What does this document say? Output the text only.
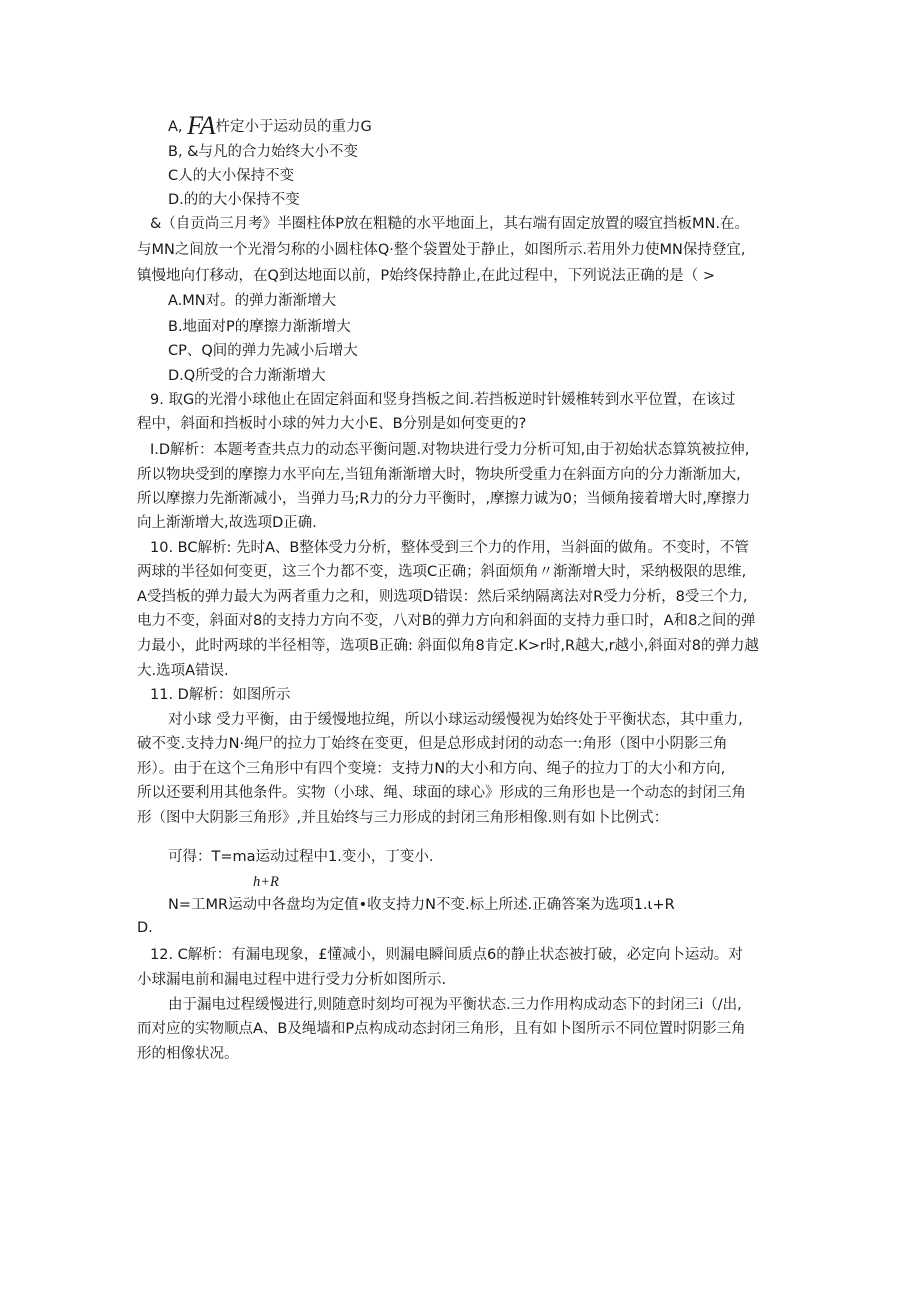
A, FA杵定小于运动员的重力G
B, &与凡的合力始终大小不变
C人的大小保持不变
D.的的大小保持不变
&（自贡尚三月考》半圈柱体P放在粗糙的水平地面上，其右端有固定放置的啜宜挡板MN.在。
与MN之间放一个光滑匀称的小圆柱体Q·整个袋置处于静止，如图所示.若用外力使MN保持登宜,
镇慢地向仃移动，在Q到达地面以前，P始终保持静止,在此过程中，下列说法正确的是（ >
A.MN对。的弹力渐渐增大
B.地面对P的摩擦力渐渐增大
CP、Q间的弹力先减小后增大
D.Q所受的合力渐渐增大
9. 取G的光滑小球他止在固定斜面和竖身挡板之间.若挡板逆时针媛椎转到水平位置，在该过
程中，斜面和挡板时小球的舛力大小E、B分别是如何变更的?
I.D解析：本题考查共点力的动态平衡问题.对物块进行受力分析可知,由于初始状态算筑被拉伸,
所以物块受到的摩擦力水平向左,当钮角渐渐增大时，物块所受重力在斜面方向的分力渐渐加大,
所以摩擦力先渐渐减小，当弹力马;R力的分力平衡时，,摩擦力诚为0；当倾角接着增大时,摩擦力
向上渐渐增大,故选项D正确.
10. BC解析: 先时A、B整体受力分析，整体受到三个力的作用，当斜面的做角。不变时，不管
两球的半径如何变更，这三个力都不变，选项C正确；斜面烦角〃渐渐增大时，采纳极限的思维,
A受挡板的弹力最大为两者重力之和，则选项D错误：然后采纳隔离法对R受力分析，8受三个力,
电力不变，斜面对8的支持力方向不变，八对B的弹力方向和斜面的支持力垂口时，A和8之间的弹
力最小，此时两球的半径相等，选项B正确: 斜面似角8肯定.K>r时,R越大,r越小,斜面对8的弹力越
大.选项A错误.
11. D解析：如图所示
对小球 受力平衡，由于缓慢地拉绳，所以小球运动缓慢视为始终处于平衡状态，其中重力,
破不变.支持力N·绳尸的拉力丁始终在变更，但是总形成封闭的动态一:角形（图中小阴影三角
形）。由于在这个三角形中有四个变境：支持力N的大小和方向、绳子的拉力丁的大小和方向,
所以还要利用其他条件。实物（小球、绳、球面的球心》形成的三角形也是一个动态的封闭三角
形（图中大阴影三角形》,并且始终与三力形成的封闭三角形相像.则有如卜比例式：
可得：T=ma运动过程中1.变小，丁变小.
h+R
N=工MR运动中各盘均为定值•收支持力N不变.标上所述.正确答案为选项1.ι+R
D.
12. C解析：有漏电现象，£懂减小，则漏电瞬间质点6的静止状态被打破，必定向卜运动。对
小球漏电前和漏电过程中进行受力分析如图所示.
由于漏电过程缓慢进行,则随意时刻均可视为平衡状态.三力作用构成动态下的封闭三i（/出,
而对应的实物顺点A、B及绳墙和P点构成动态封闭三角形，且有如卜图所示不同位置时阴影三角
形的相像状况。
